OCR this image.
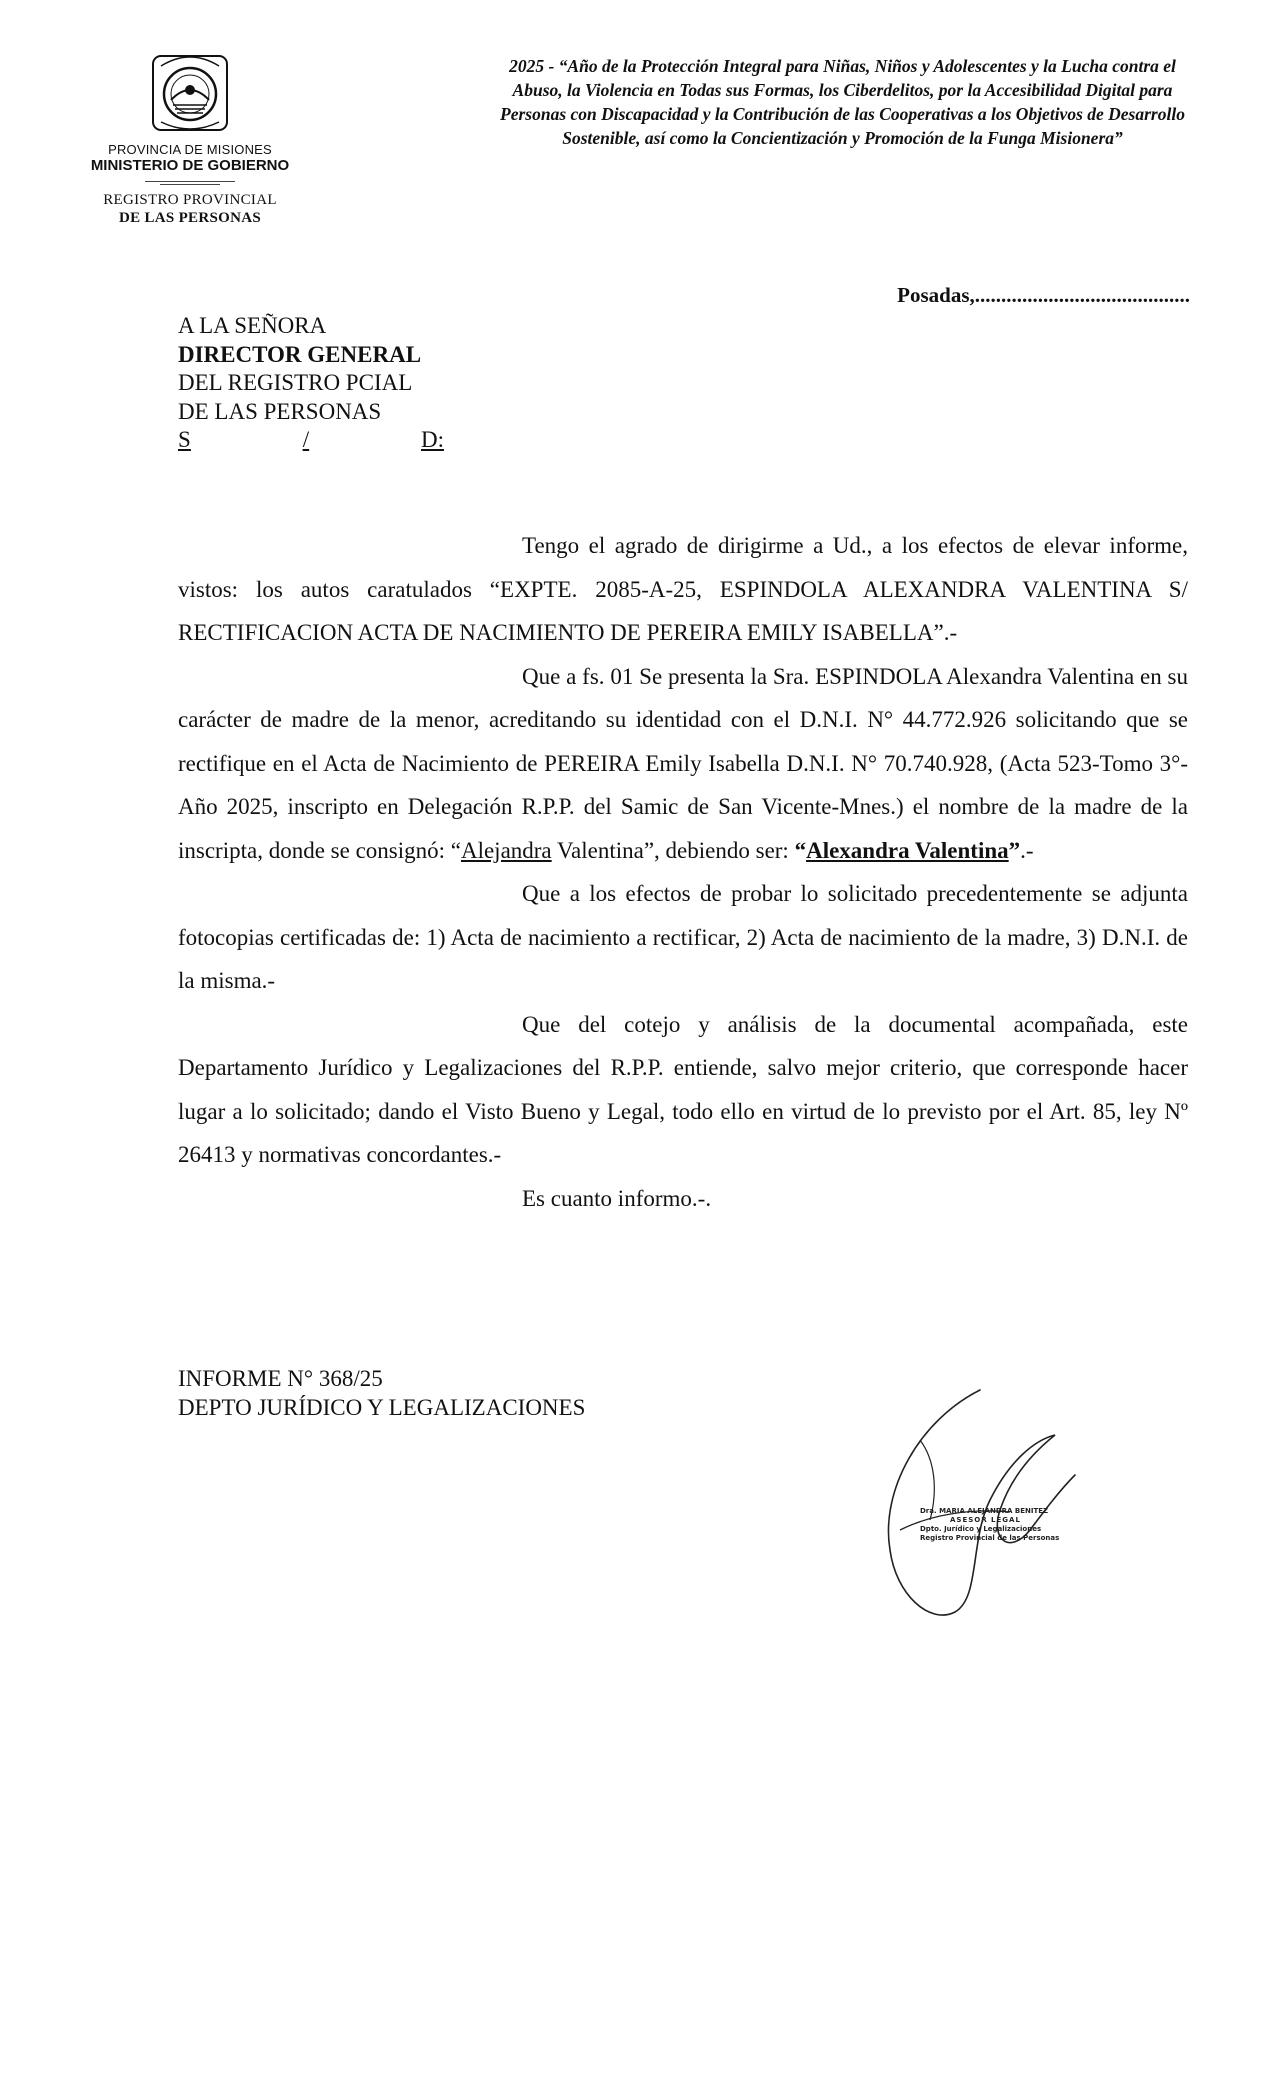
PROVINCIA DE MISIONES
MINISTERIO DE GOBIERNO
REGISTRO PROVINCIAL
DE LAS PERSONAS
2025 - “Año de la Protección Integral para Niñas, Niños y Adolescentes y la Lucha contra el Abuso, la Violencia en Todas sus Formas, los Ciberdelitos, por la Accesibilidad Digital para Personas con Discapacidad y la Contribución de las Cooperativas a los Objetivos de Desarrollo Sostenible, así como la Concientización y Promoción de la Funga Misionera”
Posadas,.........................................
A LA SEÑORA
DIRECTOR GENERAL
DEL REGISTRO PCIAL
DE LAS PERSONAS
S	/	D:

Tengo el agrado de dirigirme a Ud., a los efectos de elevar informe, vistos: los autos caratulados “EXPTE. 2085-A-25, ESPINDOLA ALEXANDRA VALENTINA S/ RECTIFICACION ACTA DE NACIMIENTO DE PEREIRA EMILY ISABELLA”.-

Que a fs. 01 Se presenta la Sra. ESPINDOLA Alexandra Valentina en su carácter de madre de la menor, acreditando su identidad con el D.N.I. N° 44.772.926 solicitando que se rectifique en el Acta de Nacimiento de PEREIRA Emily Isabella D.N.I. N° 70.740.928, (Acta 523-Tomo 3°-Año 2025, inscripto en Delegación R.P.P. del Samic de San Vicente-Mnes.) el nombre de la madre de la inscripta, donde se consignó: “Alejandra Valentina”, debiendo ser: “Alexandra Valentina”.-

Que a los efectos de probar lo solicitado precedentemente se adjunta fotocopias certificadas de: 1) Acta de nacimiento a rectificar, 2) Acta de nacimiento de la madre, 3) D.N.I. de la misma.-

Que del cotejo y análisis de la documental acompañada, este Departamento Jurídico y Legalizaciones del R.P.P. entiende, salvo mejor criterio, que corresponde hacer lugar a lo solicitado; dando el Visto Bueno y Legal, todo ello en virtud de lo previsto por el Art. 85, ley Nº 26413 y normativas concordantes.-

Es cuanto informo.-.

INFORME N° 368/25
DEPTO JURÍDICO Y LEGALIZACIONES
Dra. MARIA ALEJANDRA BENITEZ
ASESOR LEGAL
Dpto. Jurídico y Legalizaciones
Registro Provincial de las Personas
